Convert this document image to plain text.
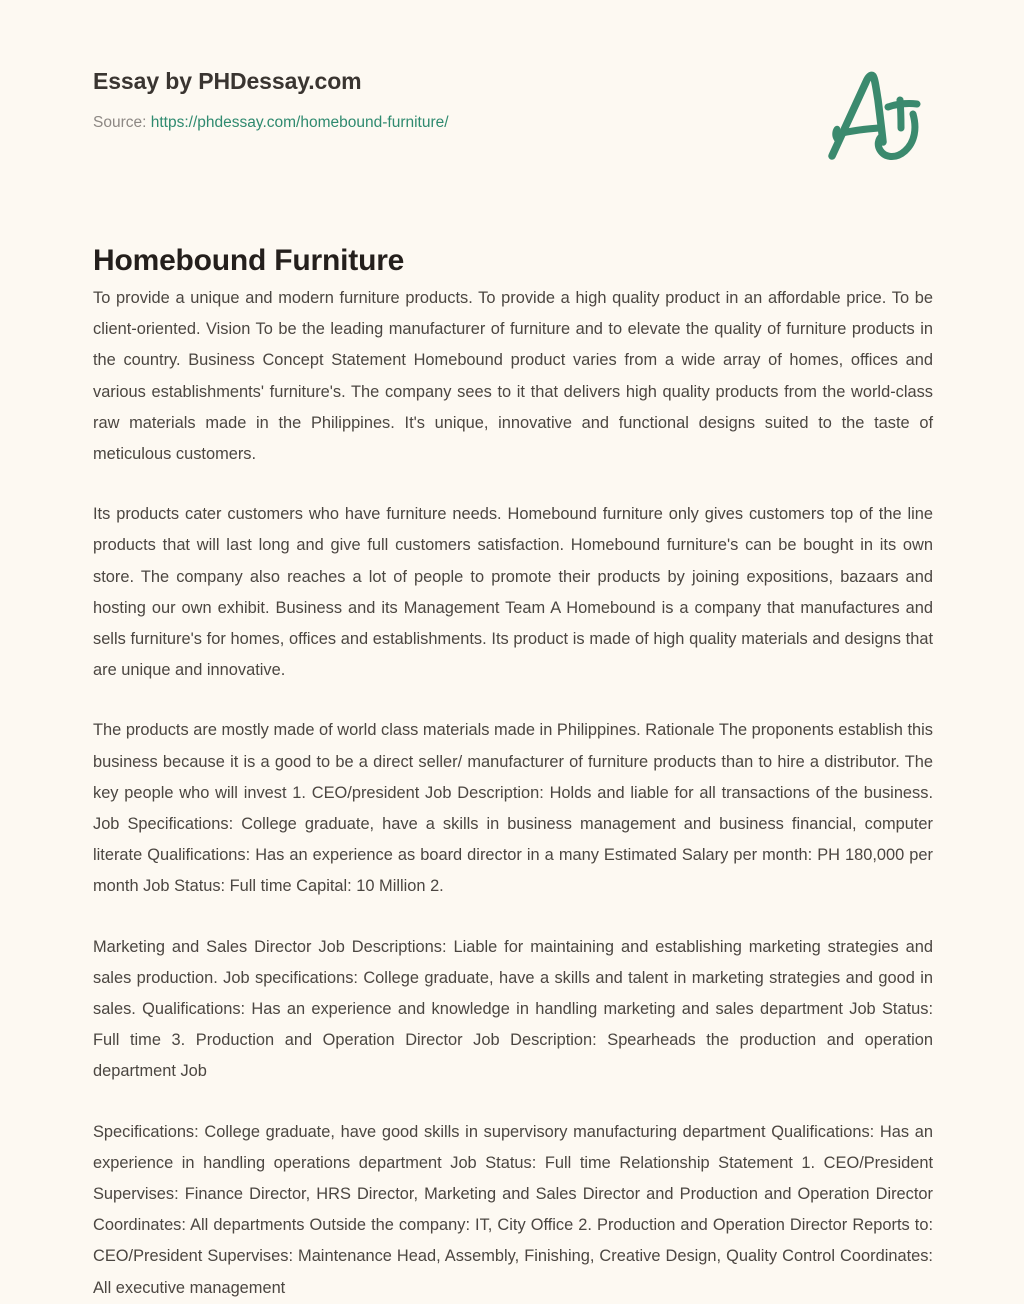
Essay by PHDessay.com
Source: https://phdessay.com/homebound-furniture/
Homebound Furniture

To provide a unique and modern furniture products. To provide a high quality product in an affordable price. To be client-oriented. Vision To be the leading manufacturer of furniture and to elevate the quality of furniture products in the country. Business Concept Statement Homebound product varies from a wide array of homes, offices and various establishments' furniture's. The company sees to it that delivers high quality products from the world-class raw materials made in the Philippines. It's unique, innovative and functional designs suited to the taste of meticulous customers.

Its products cater customers who have furniture needs. Homebound furniture only gives customers top of the line products that will last long and give full customers satisfaction. Homebound furniture's can be bought in its own store. The company also reaches a lot of people to promote their products by joining expositions, bazaars and hosting our own exhibit. Business and its Management Team A Homebound is a company that manufactures and sells furniture's for homes, offices and establishments. Its product is made of high quality materials and designs that are unique and innovative.

The products are mostly made of world class materials made in Philippines. Rationale The proponents establish this business because it is a good to be a direct seller/ manufacturer of furniture products than to hire a distributor. The key people who will invest 1. CEO/president Job Description: Holds and liable for all transactions of the business. Job Specifications: College graduate, have a skills in business management and business financial, computer literate Qualifications: Has an experience as board director in a many Estimated Salary per month: PH 180,000 per month Job Status: Full time Capital: 10 Million 2.

Marketing and Sales Director Job Descriptions: Liable for maintaining and establishing marketing strategies and sales production. Job specifications: College graduate, have a skills and talent in marketing strategies and good in sales. Qualifications: Has an experience and knowledge in handling marketing and sales department Job Status: Full time 3. Production and Operation Director Job Description: Spearheads the production and operation department Job

Specifications: College graduate, have good skills in supervisory manufacturing department Qualifications: Has an experience in handling operations department Job Status: Full time Relationship Statement 1. CEO/President Supervises: Finance Director, HRS Director, Marketing and Sales Director and Production and Operation Director Coordinates: All departments Outside the company: IT, City Office 2. Production and Operation Director Reports to: CEO/President Supervises: Maintenance Head, Assembly, Finishing, Creative Design, Quality Control Coordinates: All executive management
